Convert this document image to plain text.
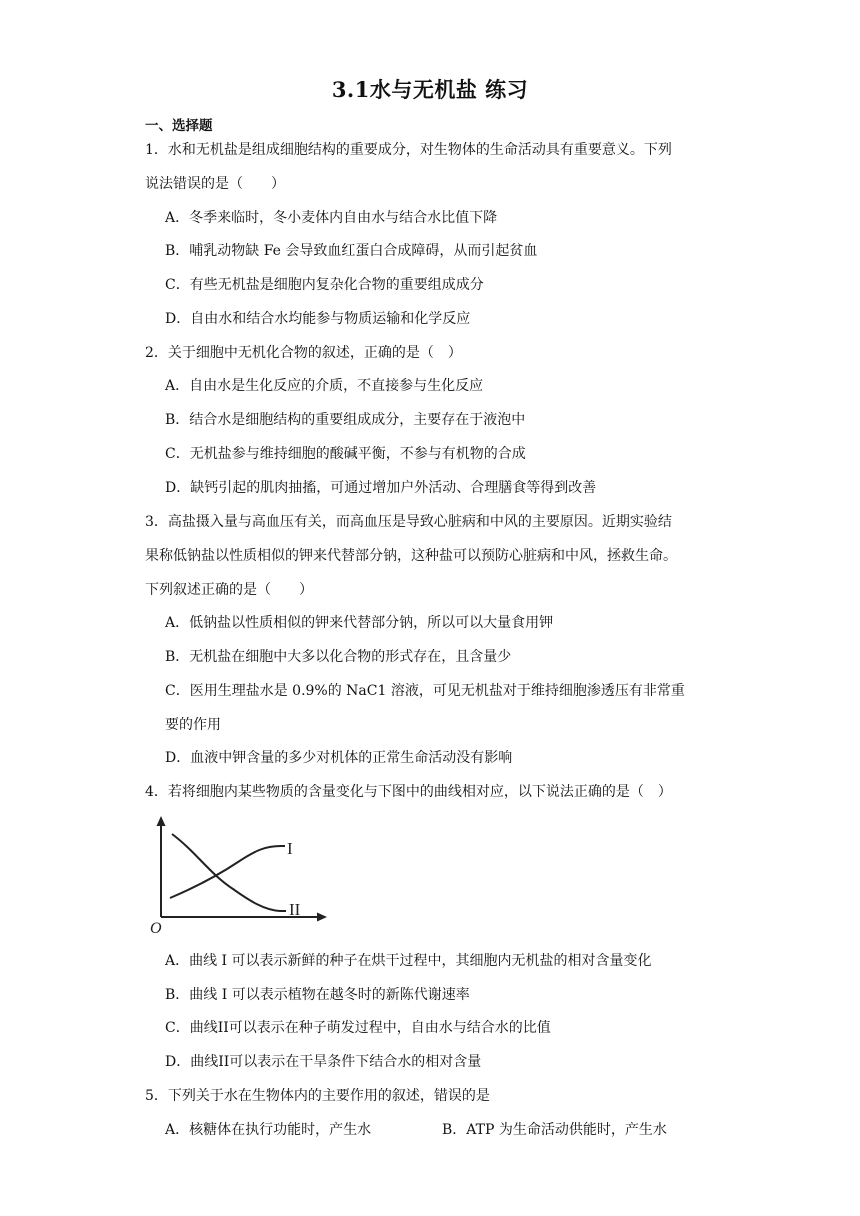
3.1水与无机盐 练习
一、选择题
1．水和无机盐是组成细胞结构的重要成分，对生物体的生命活动具有重要意义。下列
说法错误的是（　　）
A．冬季来临时，冬小麦体内自由水与结合水比值下降
B．哺乳动物缺 Fe 会导致血红蛋白合成障碍，从而引起贫血
C．有些无机盐是细胞内复杂化合物的重要组成成分
D．自由水和结合水均能参与物质运输和化学反应
2．关于细胞中无机化合物的叙述，正确的是（　）
A．自由水是生化反应的介质，不直接参与生化反应
B．结合水是细胞结构的重要组成成分，主要存在于液泡中
C．无机盐参与维持细胞的酸碱平衡，不参与有机物的合成
D．缺钙引起的肌肉抽搐，可通过增加户外活动、合理膳食等得到改善
3．高盐摄入量与高血压有关，而高血压是导致心脏病和中风的主要原因。近期实验结
果称低钠盐以性质相似的钾来代替部分钠，这种盐可以预防心脏病和中风，拯救生命。
下列叙述正确的是（　　）
A．低钠盐以性质相似的钾来代替部分钠，所以可以大量食用钾
B．无机盐在细胞中大多以化合物的形式存在，且含量少
C．医用生理盐水是 0.9%的 NaC1 溶液，可见无机盐对于维持细胞渗透压有非常重
要的作用
D．血液中钾含量的多少对机体的正常生命活动没有影响
4．若将细胞内某些物质的含量变化与下图中的曲线相对应，以下说法正确的是（　）
O
I
II
A．曲线 I 可以表示新鲜的种子在烘干过程中，其细胞内无机盐的相对含量变化
B．曲线 I 可以表示植物在越冬时的新陈代谢速率
C．曲线II可以表示在种子萌发过程中，自由水与结合水的比值
D．曲线II可以表示在干旱条件下结合水的相对含量
5．下列关于水在生物体内的主要作用的叙述，错误的是
A．核糖体在执行功能时，产生水	B．ATP 为生命活动供能时，产生水
